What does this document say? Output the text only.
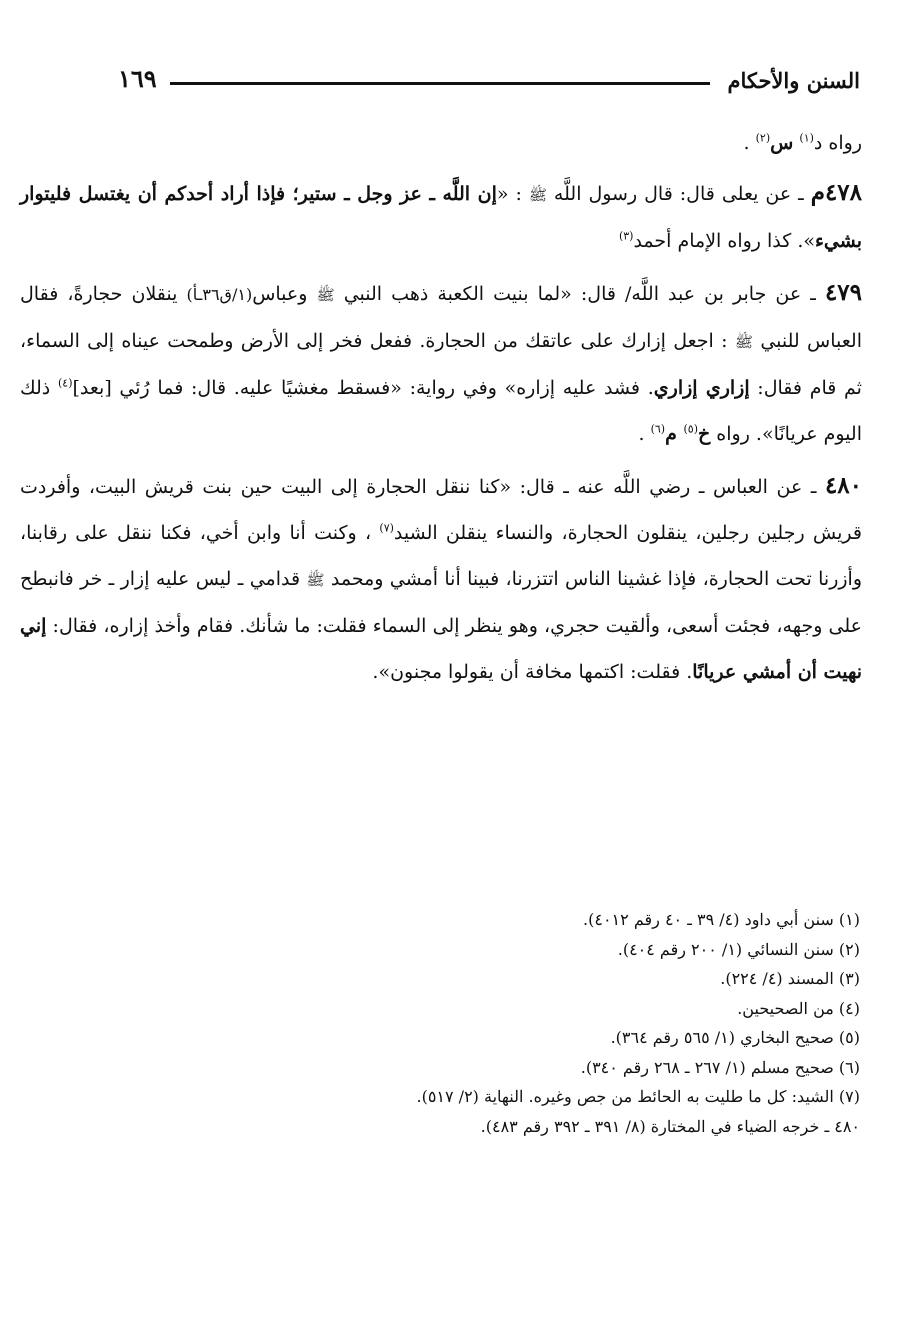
السنن والأحكام
١٦٩

رواه د$^{(١)}$ س$^{(٢)}$ .

٤٧٨م ـ عن يعلى قال: قال رسول اللَّه ﷺ : «إن اللَّه ـ عز وجل ـ ستير؛ فإذا أراد أحدكم أن يغتسل فليتوار بشيء». كذا رواه الإمام أحمد$^{(٣)}$

٤٧٩ ـ عن جابر بن عبد اللَّه/ قال: «لما بنيت الكعبة ذهب النبي ﷺ وعباس(١/ق٣٦ـأ) ينقلان حجارةً، فقال العباس للنبي ﷺ : اجعل إزارك على عاتقك من الحجارة. ففعل فخر إلى الأرض وطمحت عيناه إلى السماء، ثم قام فقال: إزاري إزاري. فشد عليه إزاره» وفي رواية: «فسقط مغشيًا عليه. قال: فما رُئي [بعد]$^{(٤)}$ ذلك اليوم عريانًا». رواه خ$^{(٥)}$ م$^{(٦)}$ .

٤٨٠ ـ عن العباس ـ رضي اللَّه عنه ـ قال: «كنا ننقل الحجارة إلى البيت حين بنت قريش البيت، وأفردت قريش رجلين رجلين، ينقلون الحجارة، والنساء ينقلن الشيد$^{(٧)}$ ، وكنت أنا وابن أخي، فكنا ننقل على رقابنا، وأزرنا تحت الحجارة، فإذا غشينا الناس اتتزرنا، فبينا أنا أمشي ومحمد ﷺ قدامي ـ ليس عليه إزار ـ خر فانبطح على وجهه، فجئت أسعى، وألقيت حجري، وهو ينظر إلى السماء فقلت: ما شأنك. فقام وأخذ إزاره، فقال: إني نهيت أن أمشي عريانًا. فقلت: اكتمها مخافة أن يقولوا مجنون».

(١) سنن أبي داود (٤/ ٣٩ ـ ٤٠ رقم ٤٠١٢).

(٢) سنن النسائي (١/ ٢٠٠ رقم ٤٠٤).

(٣) المسند (٤/ ٢٢٤).

(٤) من الصحيحين.

(٥) صحيح البخاري (١/ ٥٦٥ رقم ٣٦٤).

(٦) صحيح مسلم (١/ ٢٦٧ ـ ٢٦٨ رقم ٣٤٠).

(٧) الشيد: كل ما طليت به الحائط من جص وغيره. النهاية (٢/ ٥١٧).

٤٨٠ ـ خرجه الضياء في المختارة (٨/ ٣٩١ ـ ٣٩٢ رقم ٤٨٣).
